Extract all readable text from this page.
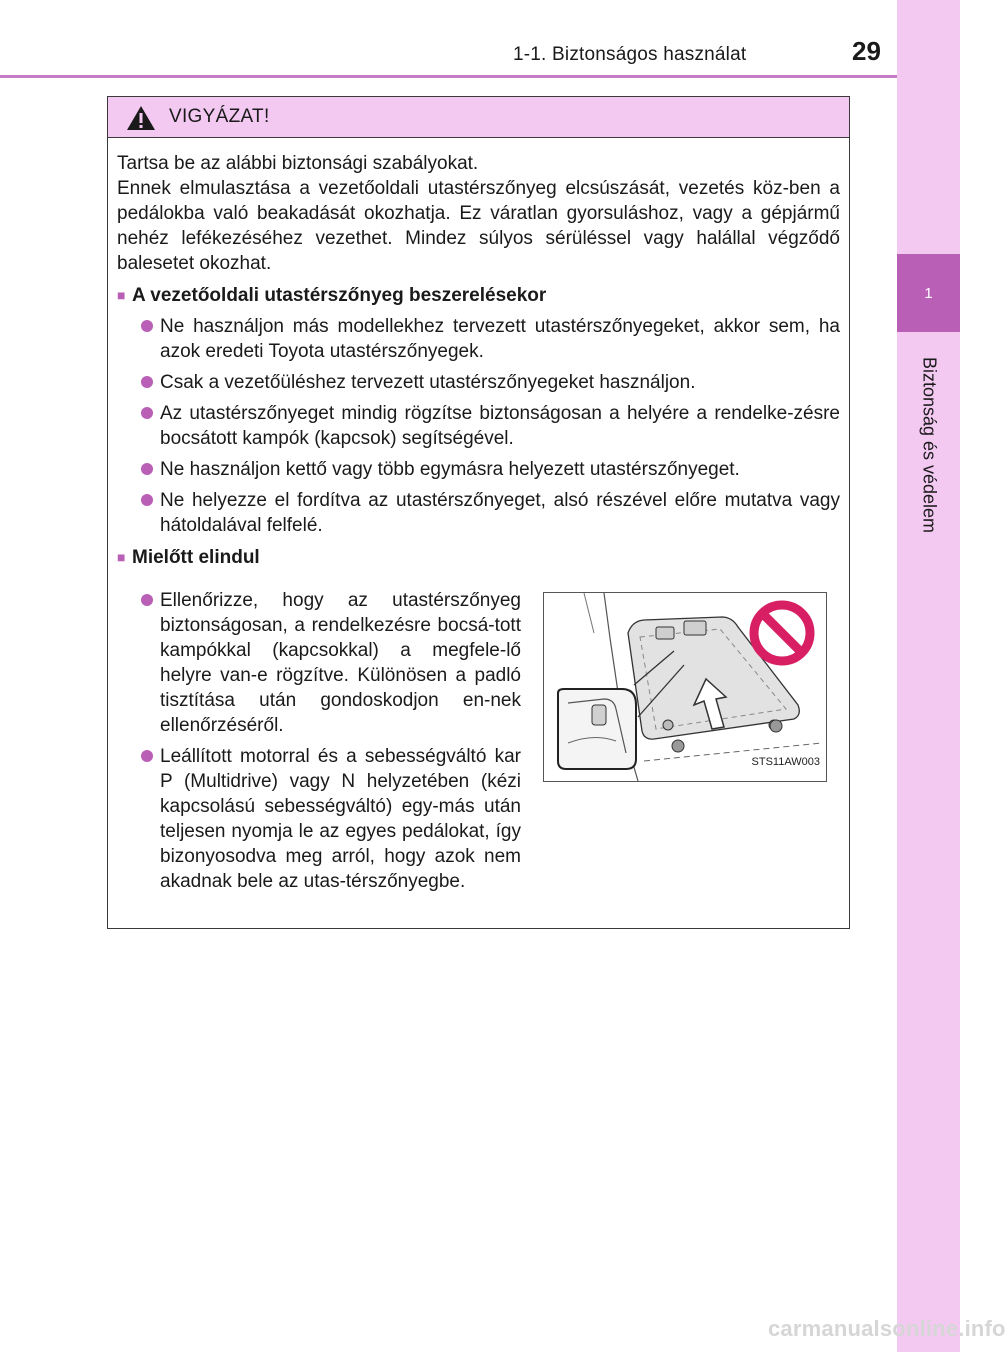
1-1. Biztonságos használat	29
1
Biztonság és védelem
VIGYÁZAT!

Tartsa be az alábbi biztonsági szabályokat.

Ennek elmulasztása a vezetőoldali utastérszőnyeg elcsúszását, vezetés köz-ben a pedálokba való beakadását okozhatja. Ez váratlan gyorsuláshoz, vagy a gépjármű nehéz lefékezéséhez vezethet. Mindez súlyos sérüléssel vagy halállal végződő balesetet okozhat.

■ A vezetőoldali utastérszőnyeg beszerelésekor
Ne használjon más modellekhez tervezett utastérszőnyegeket, akkor sem, ha azok eredeti Toyota utastérszőnyegek.
Csak a vezetőüléshez tervezett utastérszőnyegeket használjon.
Az utastérszőnyeget mindig rögzítse biztonságosan a helyére a rendelke-zésre bocsátott kampók (kapcsok) segítségével.
Ne használjon kettő vagy több egymásra helyezett utastérszőnyeget.
Ne helyezze el fordítva az utastérszőnyeget, alsó részével előre mutatva vagy hátoldalával felfelé.
■ Mielőtt elindul
Ellenőrizze, hogy az utastérszőnyeg biztonságosan, a rendelkezésre bocsá-tott kampókkal (kapcsokkal) a megfele-lő helyre van-e rögzítve. Különösen a padló tisztítása után gondoskodjon en-nek ellenőrzéséről.
Leállított motorral és a sebességváltó kar P (Multidrive) vagy N helyzetében (kézi kapcsolású sebességváltó) egy-más után teljesen nyomja le az egyes pedálokat, így bizonyosodva meg arról, hogy azok nem akadnak bele az utas-térszőnyegbe.
STS11AW003
carmanualsonline.info
